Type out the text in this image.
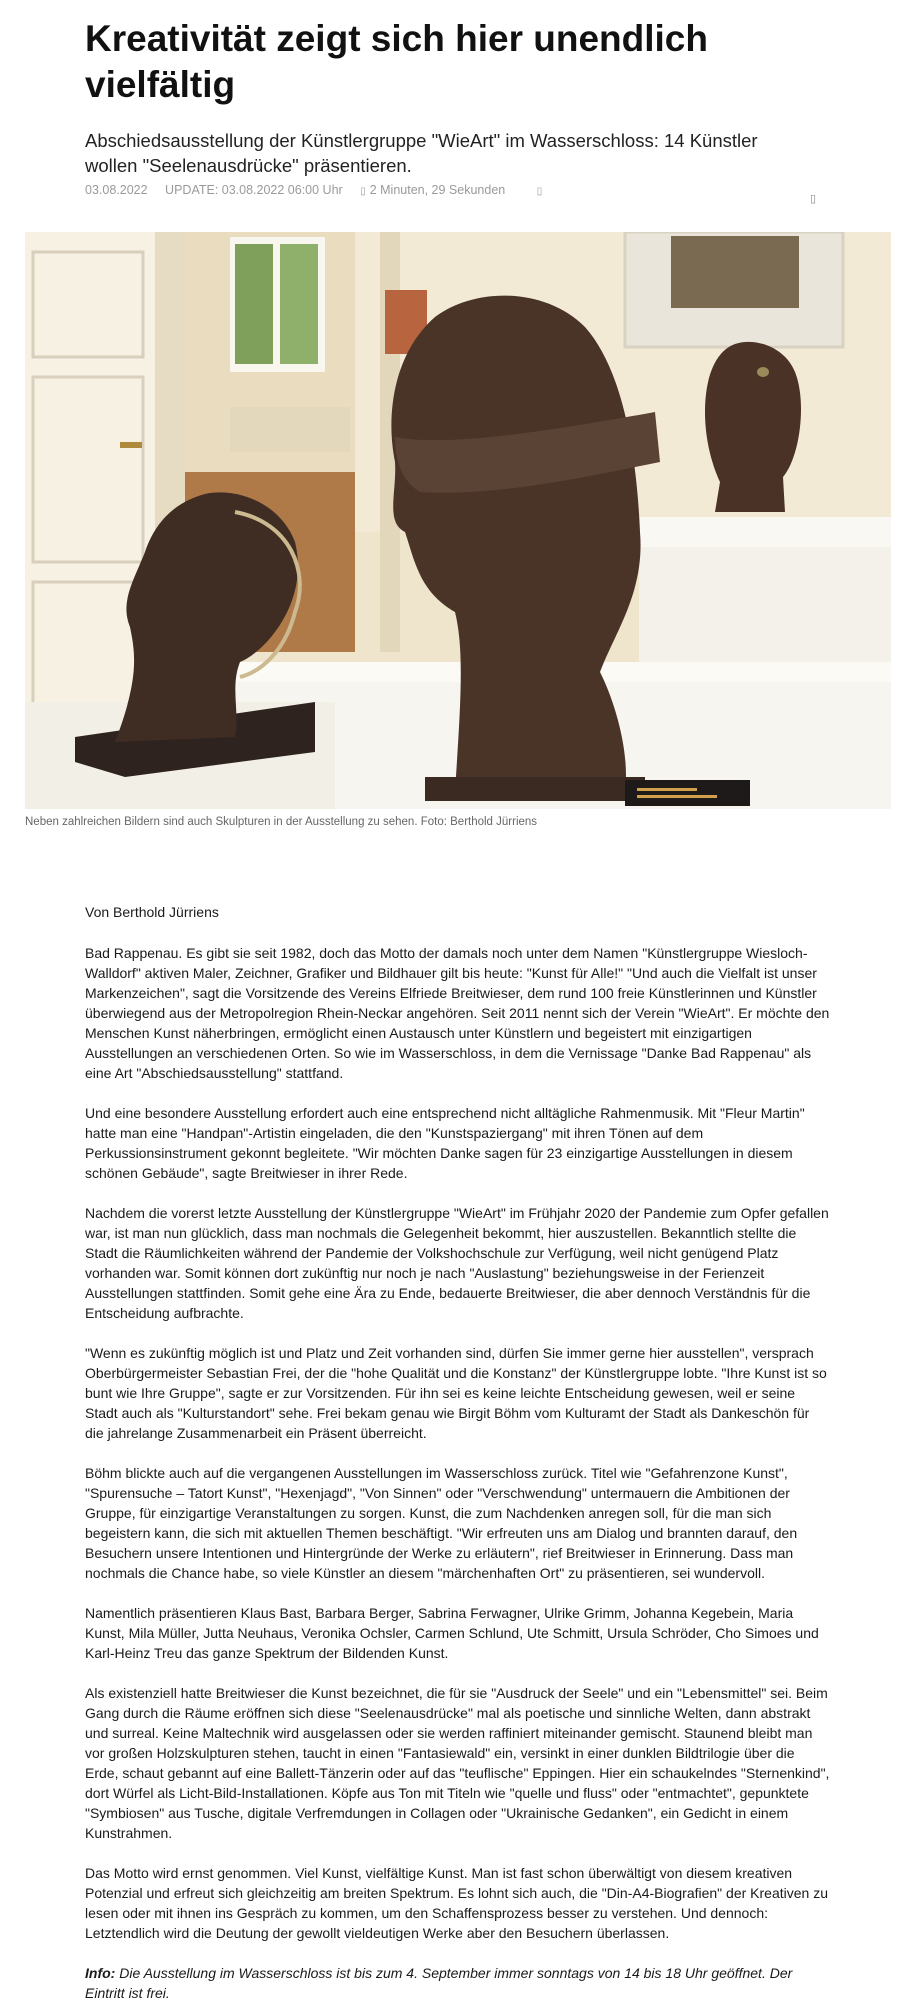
Kreativität zeigt sich hier unendlich vielfältig

Abschiedsausstellung der Künstlergruppe "WieArt" im Wasserschloss: 14 Künstler wollen "Seelenausdrücke" präsentieren.

03.08.2022 UPDATE: 03.08.2022 06:00 Uhr ▯ 2 Minuten, 29 Sekunden	▯
▯
Neben zahlreichen Bildern sind auch Skulpturen in der Ausstellung zu sehen. Foto: Berthold Jürriens

Von Berthold Jürriens

Bad Rappenau. Es gibt sie seit 1982, doch das Motto der damals noch unter dem Namen "Künstlergruppe Wiesloch-Walldorf" aktiven Maler, Zeichner, Grafiker und Bildhauer gilt bis heute: "Kunst für Alle!" "Und auch die Vielfalt ist unser Markenzeichen", sagt die Vorsitzende des Vereins Elfriede Breitwieser, dem rund 100 freie Künstlerinnen und Künstler überwiegend aus der Metropolregion Rhein-Neckar angehören. Seit 2011 nennt sich der Verein "WieArt". Er möchte den Menschen Kunst näherbringen, ermöglicht einen Austausch unter Künstlern und begeistert mit einzigartigen Ausstellungen an verschiedenen Orten. So wie im Wasserschloss, in dem die Vernissage "Danke Bad Rappenau" als eine Art "Abschiedsausstellung" stattfand.

Und eine besondere Ausstellung erfordert auch eine entsprechend nicht alltägliche Rahmenmusik. Mit "Fleur Martin" hatte man eine "Handpan"-Artistin eingeladen, die den "Kunstspaziergang" mit ihren Tönen auf dem Perkussionsinstrument gekonnt begleitete. "Wir möchten Danke sagen für 23 einzigartige Ausstellungen in diesem schönen Gebäude", sagte Breitwieser in ihrer Rede.

Nachdem die vorerst letzte Ausstellung der Künstlergruppe "WieArt" im Frühjahr 2020 der Pandemie zum Opfer gefallen war, ist man nun glücklich, dass man nochmals die Gelegenheit bekommt, hier auszustellen. Bekanntlich stellte die Stadt die Räumlichkeiten während der Pandemie der Volkshochschule zur Verfügung, weil nicht genügend Platz vorhanden war. Somit können dort zukünftig nur noch je nach "Auslastung" beziehungsweise in der Ferienzeit Ausstellungen stattfinden. Somit gehe eine Ära zu Ende, bedauerte Breitwieser, die aber dennoch Verständnis für die Entscheidung aufbrachte.

"Wenn es zukünftig möglich ist und Platz und Zeit vorhanden sind, dürfen Sie immer gerne hier ausstellen", versprach Oberbürgermeister Sebastian Frei, der die "hohe Qualität und die Konstanz" der Künstlergruppe lobte. "Ihre Kunst ist so bunt wie Ihre Gruppe", sagte er zur Vorsitzenden. Für ihn sei es keine leichte Entscheidung gewesen, weil er seine Stadt auch als "Kulturstandort" sehe. Frei bekam genau wie Birgit Böhm vom Kulturamt der Stadt als Dankeschön für die jahrelange Zusammenarbeit ein Präsent überreicht.

Böhm blickte auch auf die vergangenen Ausstellungen im Wasserschloss zurück. Titel wie "Gefahrenzone Kunst", "Spurensuche – Tatort Kunst", "Hexenjagd", "Von Sinnen" oder "Verschwendung" untermauern die Ambitionen der Gruppe, für einzigartige Veranstaltungen zu sorgen. Kunst, die zum Nachdenken anregen soll, für die man sich begeistern kann, die sich mit aktuellen Themen beschäftigt. "Wir erfreuten uns am Dialog und brannten darauf, den Besuchern unsere Intentionen und Hintergründe der Werke zu erläutern", rief Breitwieser in Erinnerung. Dass man nochmals die Chance habe, so viele Künstler an diesem "märchenhaften Ort" zu präsentieren, sei wundervoll.

Namentlich präsentieren Klaus Bast, Barbara Berger, Sabrina Ferwagner, Ulrike Grimm, Johanna Kegebein, Maria Kunst, Mila Müller, Jutta Neuhaus, Veronika Ochsler, Carmen Schlund, Ute Schmitt, Ursula Schröder, Cho Simoes und Karl-Heinz Treu das ganze Spektrum der Bildenden Kunst.

Als existenziell hatte Breitwieser die Kunst bezeichnet, die für sie "Ausdruck der Seele" und ein "Lebensmittel" sei. Beim Gang durch die Räume eröffnen sich diese "Seelenausdrücke" mal als poetische und sinnliche Welten, dann abstrakt und surreal. Keine Maltechnik wird ausgelassen oder sie werden raffiniert miteinander gemischt. Staunend bleibt man vor großen Holzskulpturen stehen, taucht in einen "Fantasiewald" ein, versinkt in einer dunklen Bildtrilogie über die Erde, schaut gebannt auf eine Ballett-Tänzerin oder auf das "teuflische" Eppingen. Hier ein schaukelndes "Sternenkind", dort Würfel als Licht-Bild-Installationen. Köpfe aus Ton mit Titeln wie "quelle und fluss" oder "entmachtet", gepunktete "Symbiosen" aus Tusche, digitale Verfremdungen in Collagen oder "Ukrainische Gedanken", ein Gedicht in einem Kunstrahmen.

Das Motto wird ernst genommen. Viel Kunst, vielfältige Kunst. Man ist fast schon überwältigt von diesem kreativen Potenzial und erfreut sich gleichzeitig am breiten Spektrum. Es lohnt sich auch, die "Din-A4-Biografien" der Kreativen zu lesen oder mit ihnen ins Gespräch zu kommen, um den Schaffensprozess besser zu verstehen. Und dennoch: Letztendlich wird die Deutung der gewollt vieldeutigen Werke aber den Besuchern überlassen.

Info: Die Ausstellung im Wasserschloss ist bis zum 4. September immer sonntags von 14 bis 18 Uhr geöffnet. Der Eintritt ist frei.
